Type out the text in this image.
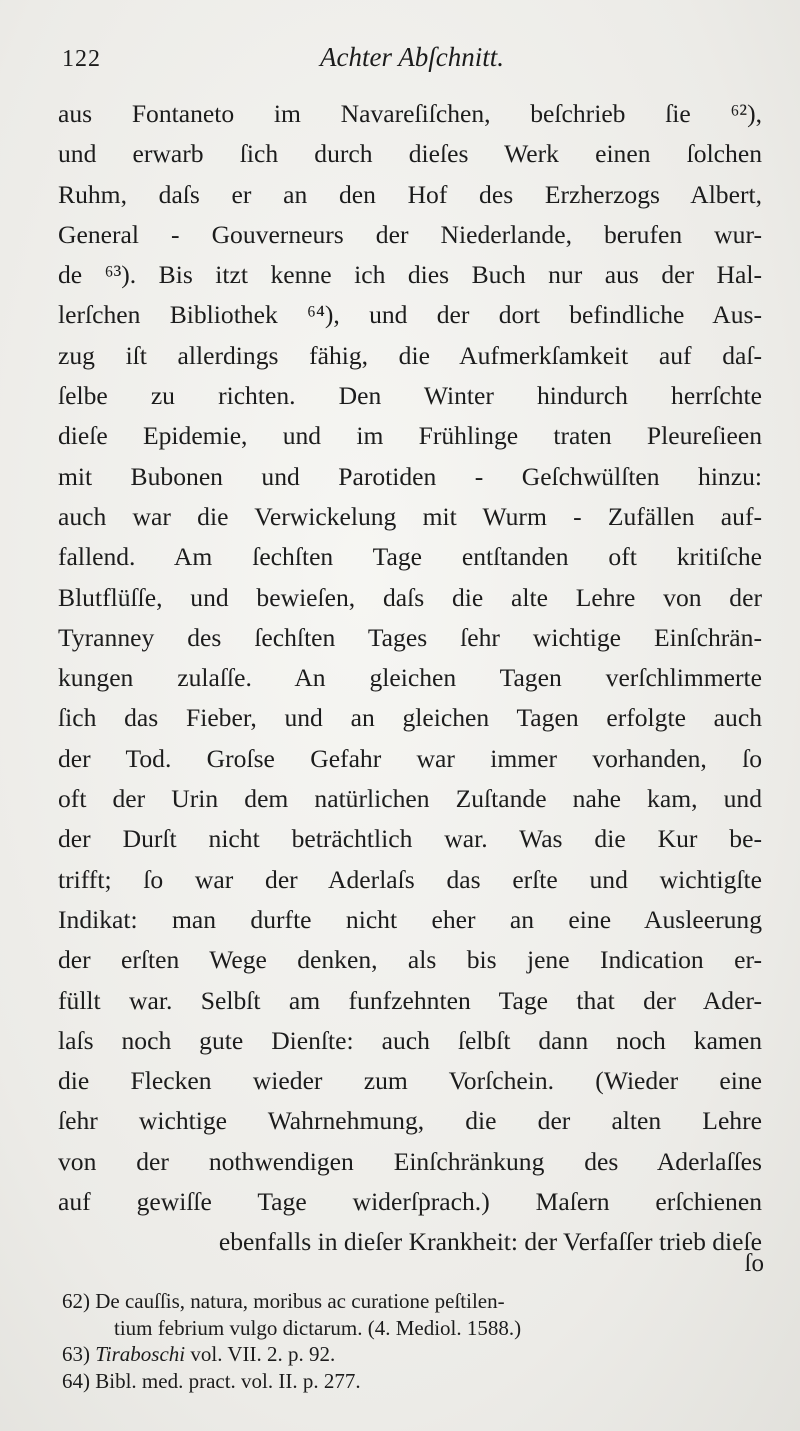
122	Achter Abſchnitt.
aus Fontaneto im Navareſiſchen, beſchrieb ſie ⁶²),
und erwarb ſich durch dieſes Werk einen ſolchen
Ruhm, daſs er an den Hof des Erzherzogs Albert,
General - Gouverneurs der Niederlande, berufen wur-
de ⁶³). Bis itzt kenne ich dies Buch nur aus der Hal-
lerſchen Bibliothek ⁶⁴), und der dort befindliche Aus-
zug iſt allerdings fähig, die Aufmerkſamkeit auf daſ-
ſelbe zu richten. Den Winter hindurch herrſchte
dieſe Epidemie, und im Frühlinge traten Pleureſieen
mit Bubonen und Parotiden - Geſchwülſten hinzu:
auch war die Verwickelung mit Wurm - Zufällen auf-
fallend. Am ſechſten Tage entſtanden oft kritiſche
Blutflüſſe, und bewieſen, daſs die alte Lehre von der
Tyranney des ſechſten Tages ſehr wichtige Einſchrän-
kungen zulaſſe. An gleichen Tagen verſchlimmerte
ſich das Fieber, und an gleichen Tagen erfolgte auch
der Tod. Groſse Gefahr war immer vorhanden, ſo
oft der Urin dem natürlichen Zuſtande nahe kam, und
der Durſt nicht beträchtlich war. Was die Kur be-
trifft; ſo war der Aderlaſs das erſte und wichtigſte
Indikat: man durfte nicht eher an eine Ausleerung
der erſten Wege denken, als bis jene Indication er-
füllt war. Selbſt am funfzehnten Tage that der Ader-
laſs noch gute Dienſte: auch ſelbſt dann noch kamen
die Flecken wieder zum Vorſchein. (Wieder eine
ſehr wichtige Wahrnehmung, die der alten Lehre
von der nothwendigen Einſchränkung des Aderlaſſes
auf gewiſſe Tage widerſprach.) Maſern erſchienen
ebenfalls in dieſer Krankheit: der Verfaſſer trieb dieſe
ſo
62) De cauſſis, natura, moribus ac curatione peſtilen-
tium febrium vulgo dictarum. (4. Mediol. 1588.)
63) Tiraboschi vol. VII. 2. p. 92.
64) Bibl. med. pract. vol. II. p. 277.
